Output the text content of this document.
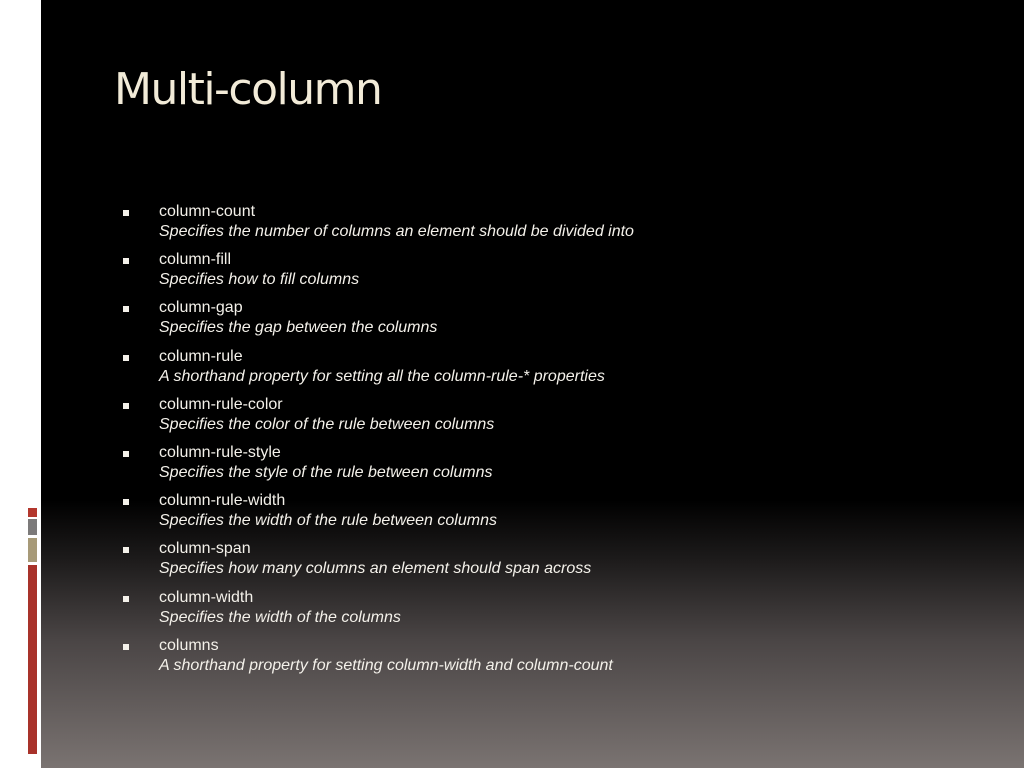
Multi-column
column-count
Specifies the number of columns an element should be divided into
column-fill
Specifies how to fill columns
column-gap
Specifies the gap between the columns
column-rule
A shorthand property for setting all the column-rule-* properties
column-rule-color
Specifies the color of the rule between columns
column-rule-style
Specifies the style of the rule between columns
column-rule-width
Specifies the width of the rule between columns
column-span
Specifies how many columns an element should span across
column-width
Specifies the width of the columns
columns
A shorthand property for setting column-width and column-count
